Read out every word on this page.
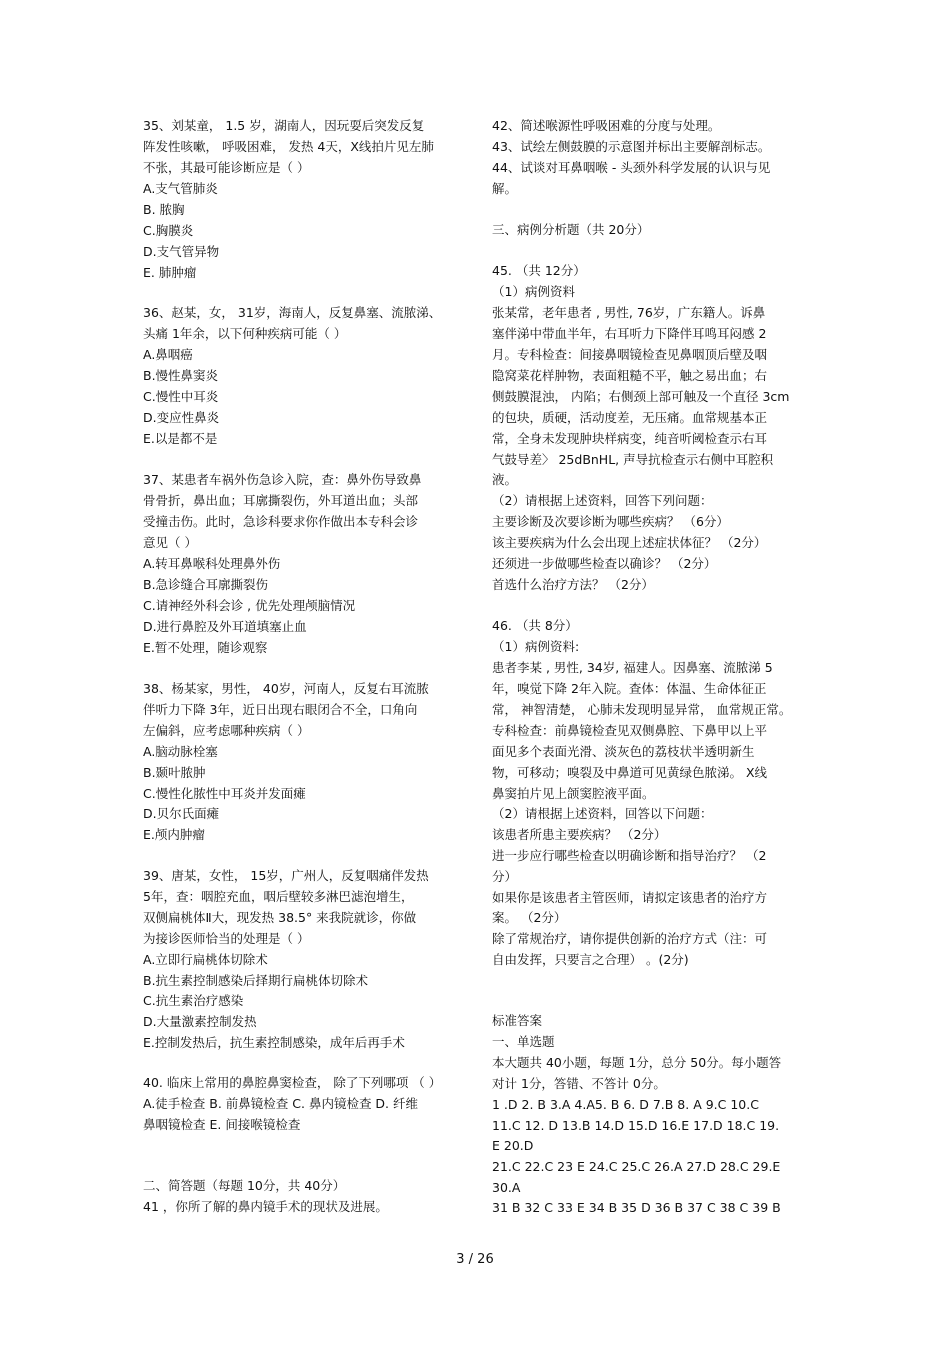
35、刘某童， 1.5 岁，湖南人，因玩耍后突发反复
阵发性咳嗽， 呼吸困难， 发热 4天，X线拍片见左肺
不张，其最可能诊断应是（ ）
A.支气管肺炎
B. 脓胸
C.胸膜炎
D.支气管异物
E. 肺肿瘤
36、赵某，女， 31岁，海南人，反复鼻塞、流脓涕、
头痛 1年余，以下何种疾病可能（ ）
A.鼻咽癌
B.慢性鼻窦炎
C.慢性中耳炎
D.变应性鼻炎
E.以是都不是
37、某患者车祸外伤急诊入院，查：鼻外伤导致鼻
骨骨折，鼻出血；耳廓撕裂伤，外耳道出血；头部
受撞击伤。此时，急诊科要求你作做出本专科会诊
意见（ ）
A.转耳鼻喉科处理鼻外伤
B.急诊缝合耳廓撕裂伤
C.请神经外科会诊 , 优先处理颅脑情况
D.进行鼻腔及外耳道填塞止血
E.暂不处理，随诊观察
38、杨某家，男性， 40岁，河南人，反复右耳流脓
伴听力下降 3年，近日出现右眼闭合不全，口角向
左偏斜，应考虑哪种疾病（ ）
A.脑动脉栓塞
B.颞叶脓肿
C.慢性化脓性中耳炎并发面瘫
D.贝尔氏面瘫
E.颅内肿瘤
39、唐某，女性， 15岁，广州人，反复咽痛伴发热
5年，查：咽腔充血，咽后壁较多淋巴滤泡增生，
双侧扁桃体Ⅱ大，现发热 38.5° 来我院就诊，你做
为接诊医师恰当的处理是（ ）
A.立即行扁桃体切除术
B.抗生素控制感染后择期行扁桃体切除术
C.抗生素治疗感染
D.大量激素控制发热
E.控制发热后，抗生素控制感染，成年后再手术
40. 临床上常用的鼻腔鼻窦检查， 除了下列哪项 （ ）
A.徒手检查 B. 前鼻镜检查 C. 鼻内镜检查 D. 纤维
鼻咽镜检查 E. 间接喉镜检查
二、简答题（每题 10分，共 40分）
41 ，你所了解的鼻内镜手术的现状及进展。
42、简述喉源性呼吸困难的分度与处理。
43、试绘左侧鼓膜的示意图并标出主要解剖标志。
44、试谈对耳鼻咽喉 - 头颈外科学发展的认识与见
解。
三、病例分析题（共 20分）
45. （共 12分）
（1）病例资料
张某常，老年患者 , 男性, 76岁，广东籍人。诉鼻
塞伴涕中带血半年，右耳听力下降伴耳鸣耳闷感 2
月。专科检查：间接鼻咽镜检查见鼻咽顶后壁及咽
隐窝菜花样肿物，表面粗糙不平，触之易出血；右
侧鼓膜混浊， 内陷；右侧颈上部可触及一个直径 3cm
的包块，质硬，活动度差，无压痛。血常规基本正
常，全身未发现肿块样病变，纯音听阈检查示右耳
气鼓导差〉 25dBnHL, 声导抗检查示右侧中耳腔积
液。
（2）请根据上述资料，回答下列问题：
主要诊断及次要诊断为哪些疾病？ （6分）
该主要疾病为什么会出现上述症状体征？ （2分）
还须进一步做哪些检查以确诊？ （2分）
首选什么治疗方法？ （2分）
46. （共 8分）
（1）病例资料:
患者李某 , 男性, 34岁, 福建人。因鼻塞、流脓涕 5
年，嗅觉下降 2年入院。查体：体温、生命体征正
常， 神智清楚， 心肺未发现明显异常， 血常规正常。
专科检查：前鼻镜检查见双侧鼻腔、下鼻甲以上平
面见多个表面光滑、淡灰色的荔枝状半透明新生
物，可移动；嗅裂及中鼻道可见黄绿色脓涕。 X线
鼻窦拍片见上颌窦腔液平面。
（2）请根据上述资料，回答以下问题：
该患者所患主要疾病？ （2分）
进一步应行哪些检查以明确诊断和指导治疗？ （2
分）
如果你是该患者主管医师，请拟定该患者的治疗方
案。 （2分）
除了常规治疗，请你提供创新的治疗方式（注：可
自由发挥，只要言之合理） 。(2分)
标准答案
一、单选题
本大题共 40小题，每题 1分，总分 50分。每小题答
对计 1分，答错、不答计 0分。
1 .D 2. B 3.A 4.A5. B 6. D 7.B 8. A 9.C 10.C
11.C 12. D 13.B 14.D 15.D 16.E 17.D 18.C 19.
E 20.D
21.C 22.C 23 E 24.C 25.C 26.A 27.D 28.C 29.E
30.A
31 B 32 C 33 E 34 B 35 D 36 B 37 C 38 C 39 B
3 / 26
